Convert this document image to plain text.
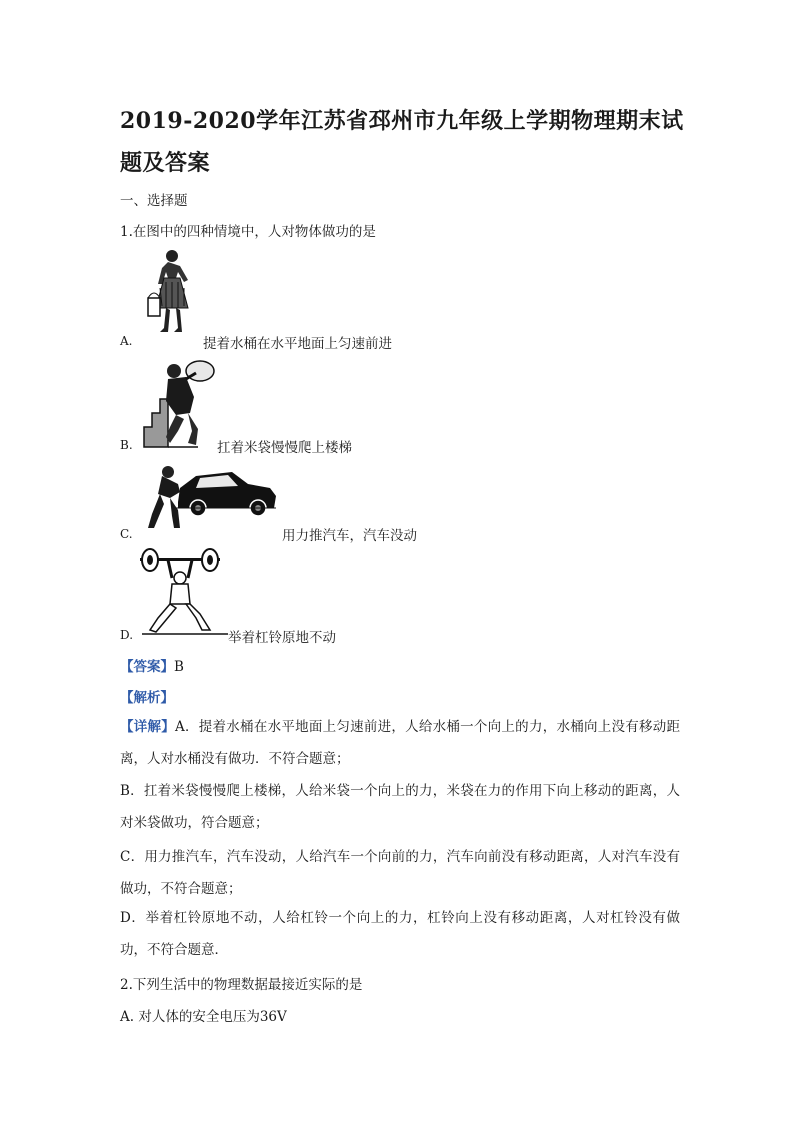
2019-2020学年江苏省邳州市九年级上学期物理期末试题及答案
一、选择题
1.在图中的四种情境中，人对物体做功的是
A.	提着水桶在水平地面上匀速前进
B.	扛着米袋慢慢爬上楼梯
C.	用力推汽车，汽车没动
D.	举着杠铃原地不动
【答案】B
【解析】
【详解】A．提着水桶在水平地面上匀速前进，人给水桶一个向上的力，水桶向上没有移动距离，人对水桶没有做功．不符合题意；
B．扛着米袋慢慢爬上楼梯，人给米袋一个向上的力，米袋在力的作用下向上移动的距离，人对米袋做功，符合题意；
C．用力推汽车，汽车没动，人给汽车一个向前的力，汽车向前没有移动距离，人对汽车没有做功，不符合题意；
D．举着杠铃原地不动，人给杠铃一个向上的力，杠铃向上没有移动距离，人对杠铃没有做功，不符合题意．
2.下列生活中的物理数据最接近实际的是
A. 对人体的安全电压为36V
